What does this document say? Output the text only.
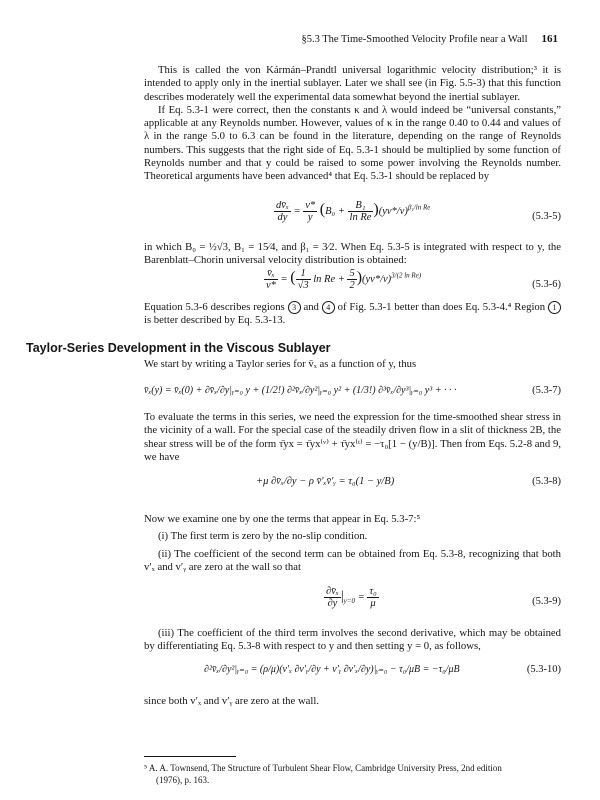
§5.3 The Time-Smoothed Velocity Profile near a Wall 161

This is called the von Kármán–Prandtl universal logarithmic velocity distribution;³ it is intended to apply only in the inertial sublayer. Later we shall see (in Fig. 5.5-3) that this function describes moderately well the experimental data somewhat beyond the inertial sublayer.

If Eq. 5.3-1 were correct, then the constants κ and λ would indeed be “universal constants,” applicable at any Reynolds number. However, values of κ in the range 0.40 to 0.44 and values of λ in the range 5.0 to 6.3 can be found in the literature, depending on the range of Reynolds numbers. This suggests that the right side of Eq. 5.3-1 should be multiplied by some function of Reynolds number and that y could be raised to some power involving the Reynolds number. Theoretical arguments have been advanced⁴ that Eq. 5.3-1 should be replaced by

$\frac{\text{dv̄ₓ}}{dy} = \frac{v*}{y} (B_0 + \frac{\text{B₁}}{\text{ln Re}} )(yv*/\nu)^{\beta_1/ln Re}$
(5.3-5)

in which B₀ = ½√3, B₁ = 15⁄4, and β₁ = 3⁄2. When Eq. 5.3-5 is integrated with respect to y, the Barenblatt–Chorin universal velocity distribution is obtained:

$\frac{\text{v̄ₓ}}{v*}$ = ( $\frac{1}{√3}$ $\ln Re + \frac{5}{2} )(yv*/\nu)^{3/(2 ln Re)}$
(5.3-6)

Equation 5.3-6 describes regions 3 and 4 of Fig. 5.3-1 better than does Eq. 5.3-4.⁴ Region 1 is better described by Eq. 5.3-13.

Taylor-Series Development in the Viscous Sublayer

We start by writing a Taylor series for v̄ₓ as a function of y, thus

v̄ₓ(y) = v̄ₓ(0) + ∂v̄ₓ/∂y|ᵧ₌₀ y + (1/2!) ∂²v̄ₓ/∂y²|ᵧ₌₀ y² + (1/3!) ∂³v̄ₓ/∂y³|ᵧ₌₀ y³ + · · ·	(5.3-7)

To evaluate the terms in this series, we need the expression for the time-smoothed shear stress in the vicinity of a wall. For the special case of the steadily driven flow in a slit of thickness 2B, the shear stress will be of the form τ̄yx = τ̄yx⁽ᵛ⁾ + τ̄yx⁽ᵗ⁾ = −τ₀[1 − (y/B)]. Then from Eqs. 5.2-8 and 9, we have

+μ ∂v̄ₓ/∂y − ρ v̄′ₓv̄′ᵧ = τ₀(1 − y/B)	(5.3-8)

Now we examine one by one the terms that appear in Eq. 5.3-7:⁵

(i) The first term is zero by the no-slip condition.

(ii) The coefficient of the second term can be obtained from Eq. 5.3-8, recognizing that both v′ₓ and v′ᵧ are zero at the wall so that

$\frac{\text{∂v̄ₓ}}{\partial y} |_{y=0} = \frac{\text{τ₀}}{\mu}$	(5.3-9)

(iii) The coefficient of the third term involves the second derivative, which may be obtained by differentiating Eq. 5.3-8 with respect to y and then setting y = 0, as follows,

∂²v̄ₓ/∂y²|ᵧ₌₀ = (ρ/μ)(v′ₓ ∂v′ᵧ/∂y + v′ᵧ ∂v′ₓ/∂y)|ᵧ₌₀ − τ₀/μB = −τ₀/μB	(5.3-10)

since both v′ₓ and v′ᵧ are zero at the wall.

⁵ A. A. Townsend, The Structure of Turbulent Shear Flow, Cambridge University Press, 2nd edition
(1976), p. 163.
